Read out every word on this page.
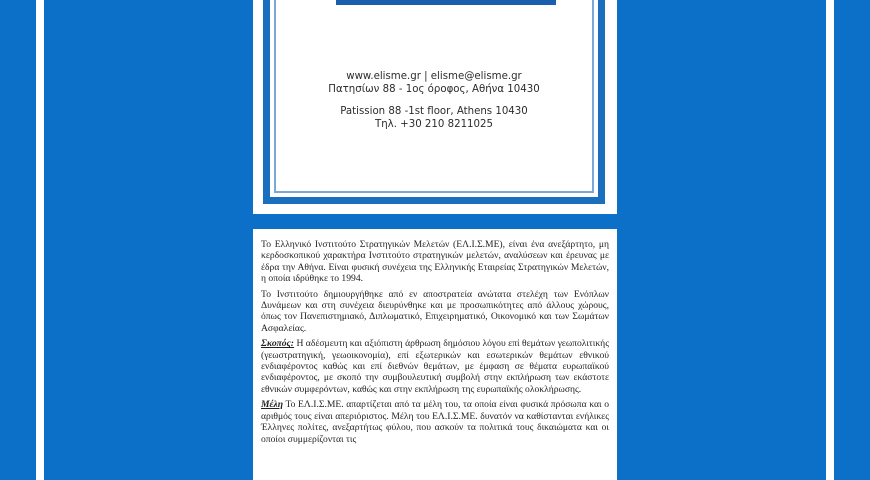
www.elisme.gr | elisme@elisme.gr
Πατησίων 88 - 1ος όροφος, Αθήνα 10430
Patission 88 -1st floor, Athens 10430
Τηλ. +30 210 8211025

Το Ελληνικό Ινστιτούτο Στρατηγικών Μελετών (ΕΛ.Ι.Σ.ΜΕ), είναι ένα ανεξάρτητο, μη κερδοσκοπικού χαρακτήρα Ινστιτούτο στρατηγικών μελετών, αναλύσεων και έρευνας με έδρα την Αθήνα. Είναι φυσική συνέχεια της Ελληνικής Εταιρείας Στρατηγικών Μελετών, η οποία ιδρύθηκε το 1994.

Το Ινστιτούτο δημιουργήθηκε από εν αποστρατεία ανώτατα στελέχη των Ενόπλων Δυνάμεων και στη συνέχεια διευρύνθηκε και με προσωπικότητες από άλλους χώρους, όπως τον Πανεπιστημιακό, Διπλωματικό, Επιχειρηματικό, Οικονομικό και των Σωμάτων Ασφαλείας.

Σκοπός: Η αδέσμευτη και αξιόπιστη άρθρωση δημόσιου λόγου επί θεμάτων γεωπολιτικής (γεωστρατηγική, γεωοικονομία), επί εξωτερικών και εσωτερικών θεμάτων εθνικού ενδιαφέροντος καθώς και επί διεθνών θεμάτων, με έμφαση σε θέματα ευρωπαϊκού ενδιαφέροντος, με σκοπό την συμβουλευτική συμβολή στην εκπλήρωση των εκάστοτε εθνικών συμφερόντων, καθώς και στην εκπλήρωση της ευρωπαϊκής ολοκλήρωσης.

Μέλη Το ΕΛ.Ι.Σ.ΜΕ. απαρτίζεται από τα μέλη του, τα οποία είναι φυσικά πρόσωπα και ο αριθμός τους είναι απεριόριστος. Μέλη του ΕΛ.Ι.Σ.ΜΕ. δυνατόν να καθίστανται ενήλικες Έλληνες πολίτες, ανεξαρτήτως φύλου, που ασκούν τα πολιτικά τους δικαιώματα και οι οποίοι συμμερίζονται τις
